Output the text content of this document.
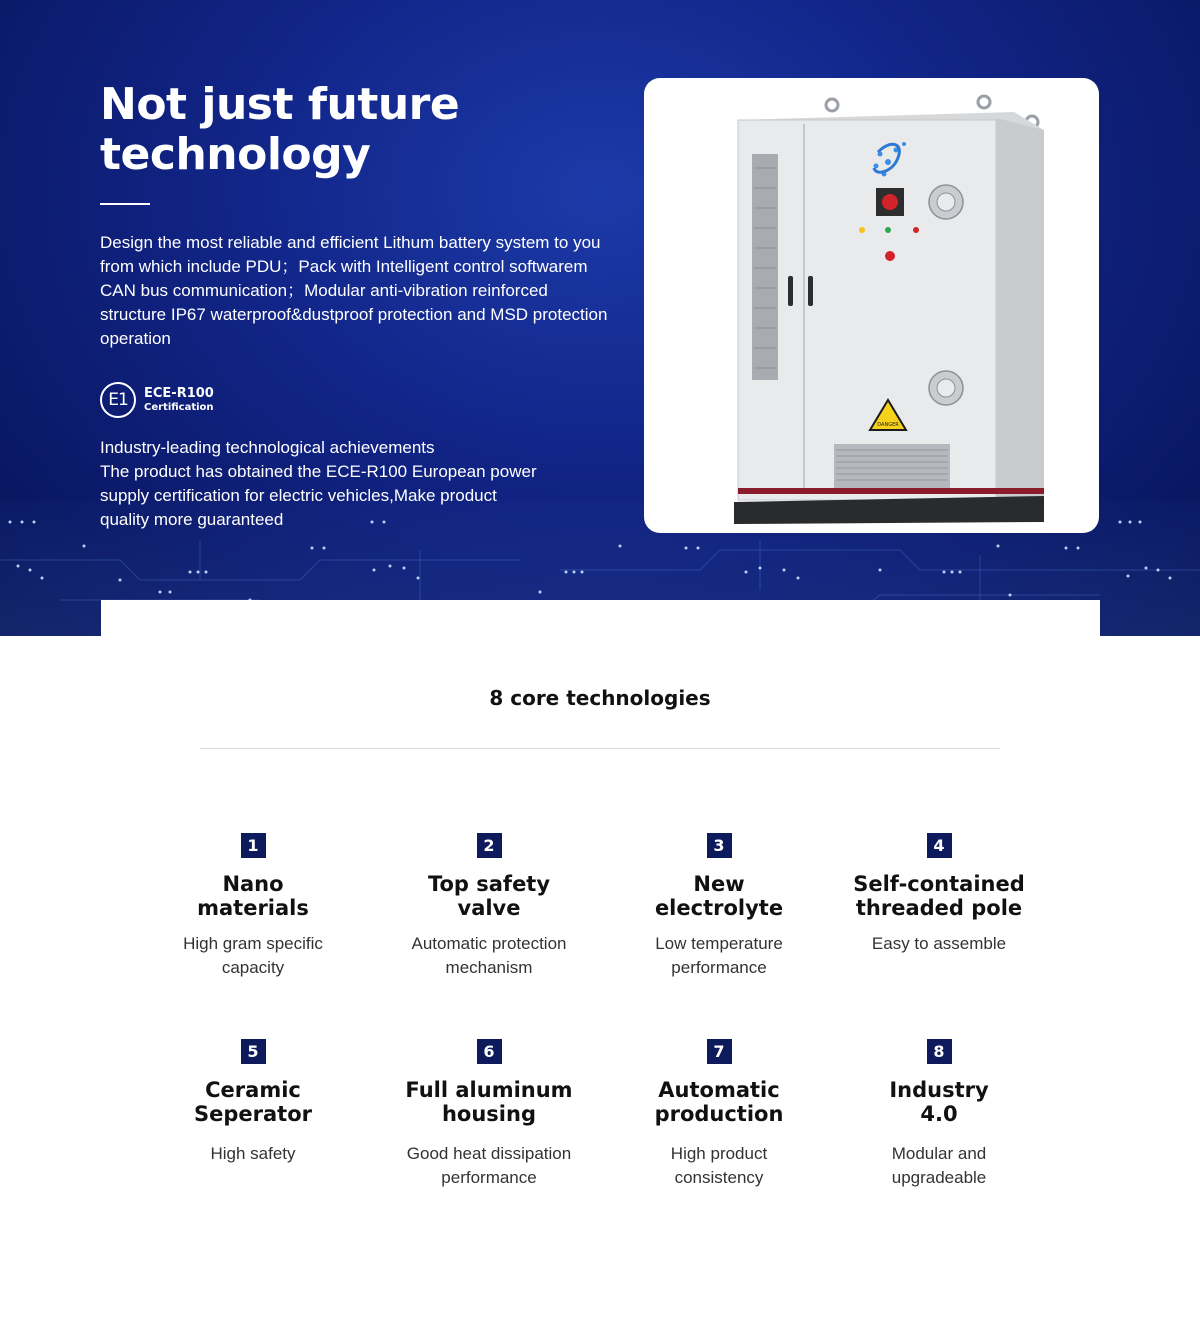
Not just future technology

Design the most reliable and efficient Lithum battery system to you from which include PDU；Pack with Intelligent control softwarem CAN bus communication；Modular anti-vibration reinforced structure IP67 waterproof&dustproof protection and MSD protection operation

E1	ECE-R100
Certification

Industry-leading technological achievements
The product has obtained the ECE-R100 European power
supply certification for electric vehicles,Make product
quality more guaranteed

DANGER
8 core technologies
1
Nano
materials
High gram specific
capacity
2
Top safety
valve
Automatic protection
mechanism
3
New
electrolyte
Low temperature
performance
4
Self-contained
threaded pole
Easy to assemble
5
Ceramic
Seperator
High safety
6
Full aluminum
housing
Good heat dissipation
performance
7
Automatic
production
High product
consistency
8
Industry
4.0
Modular and
upgradeable
